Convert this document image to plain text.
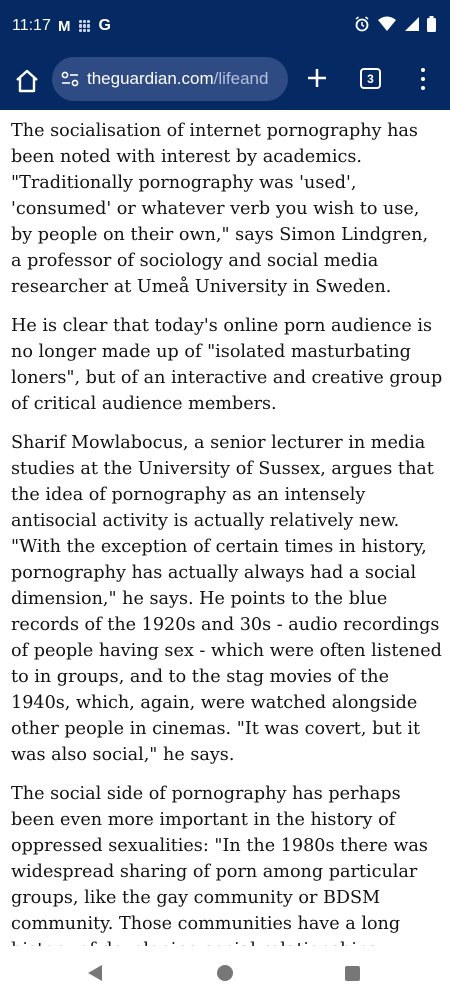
11:17 M G
theguardian.com/lifeand	3

The socialisation of internet pornography has been noted with interest by academics. "Traditionally pornography was 'used', 'consumed' or whatever verb you wish to use, by people on their own," says Simon Lindgren, a professor of sociology and social media researcher at Umeå University in Sweden.

He is clear that today's online porn audience is no longer made up of "isolated masturbating loners", but of an interactive and creative group of critical audience members.

Sharif Mowlabocus, a senior lecturer in media studies at the University of Sussex, argues that the idea of pornography as an intensely antisocial activity is actually relatively new. "With the exception of certain times in history, pornography has actually always had a social dimension," he says. He points to the blue records of the 1920s and 30s - audio recordings of people having sex - which were often listened to in groups, and to the stag movies of the 1940s, which, again, were watched alongside other people in cinemas. "It was covert, but it was also social," he says.

The social side of pornography has perhaps been even more important in the history of oppressed sexualities: "In the 1980s there was widespread sharing of porn among particular groups, like the gay community or BDSM community. Those communities have a long
